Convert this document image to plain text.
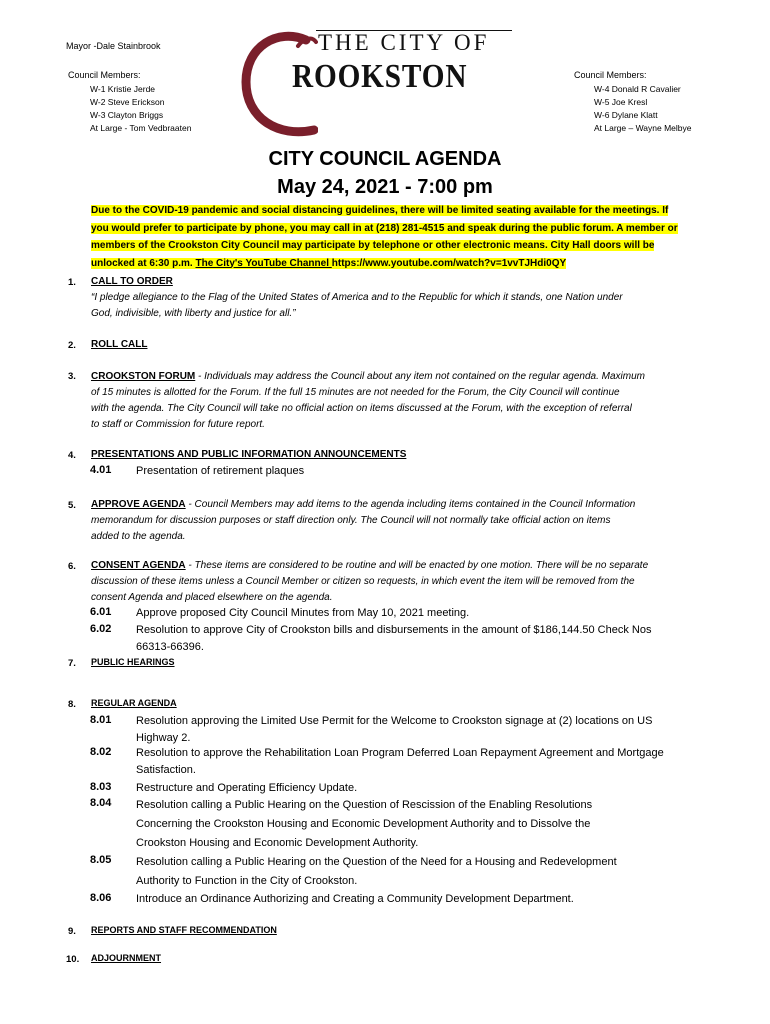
Mayor -Dale Stainbrook
Council Members:
W-1 Kristie Jerde
W-2 Steve Erickson
W-3 Clayton Briggs
At Large - Tom Vedbraaten
Council Members:
W-4 Donald R Cavalier
W-5 Joe Kresl
W-6 Dylane Klatt
At Large – Wayne Melbye
THE CITY OF
ROOKSTON
CITY COUNCIL AGENDA
May 24, 2021 - 7:00 pm
Due to the COVID-19 pandemic and social distancing guidelines, there will be limited seating available for the meetings. If
you would prefer to participate by phone, you may call in at (218) 281-4515 and speak during the public forum. A member or
members of the Crookston City Council may participate by telephone or other electronic means. City Hall doors will be
unlocked at 6:30 p.m. The City's YouTube Channel https://www.youtube.com/watch?v=1vvTJHdi0QY
1. CALL TO ORDER
“I pledge allegiance to the Flag of the United States of America and to the Republic for which it stands, one Nation under
God, indivisible, with liberty and justice for all.”
2. ROLL CALL
3. CROOKSTON FORUM - Individuals may address the Council about any item not contained on the regular agenda. Maximum
of 15 minutes is allotted for the Forum. If the full 15 minutes are not needed for the Forum, the City Council will continue
with the agenda. The City Council will take no official action on items discussed at the Forum, with the exception of referral
to staff or Commission for future report.
4. PRESENTATIONS AND PUBLIC INFORMATION ANNOUNCEMENTS
4.01 Presentation of retirement plaques
5. APPROVE AGENDA - Council Members may add items to the agenda including items contained in the Council Information
memorandum for discussion purposes or staff direction only. The Council will not normally take official action on items
added to the agenda.
6. CONSENT AGENDA - These items are considered to be routine and will be enacted by one motion. There will be no separate
discussion of these items unless a Council Member or citizen so requests, in which event the item will be removed from the
consent Agenda and placed elsewhere on the agenda.
6.01 Approve proposed City Council Minutes from May 10, 2021 meeting.
6.02 Resolution to approve City of Crookston bills and disbursements in the amount of $186,144.50 Check Nos
66313-66396.
7. PUBLIC HEARINGS
8. REGULAR AGENDA
8.01 Resolution approving the Limited Use Permit for the Welcome to Crookston signage at (2) locations on US
Highway 2.
8.02 Resolution to approve the Rehabilitation Loan Program Deferred Loan Repayment Agreement and Mortgage
Satisfaction.
8.03 Restructure and Operating Efficiency Update.
8.04 Resolution calling a Public Hearing on the Question of Rescission of the Enabling Resolutions
Concerning the Crookston Housing and Economic Development Authority and to Dissolve the
Crookston Housing and Economic Development Authority.
8.05 Resolution calling a Public Hearing on the Question of the Need for a Housing and Redevelopment
Authority to Function in the City of Crookston.
8.06 Introduce an Ordinance Authorizing and Creating a Community Development Department.
9. REPORTS AND STAFF RECOMMENDATION
10. ADJOURNMENT
